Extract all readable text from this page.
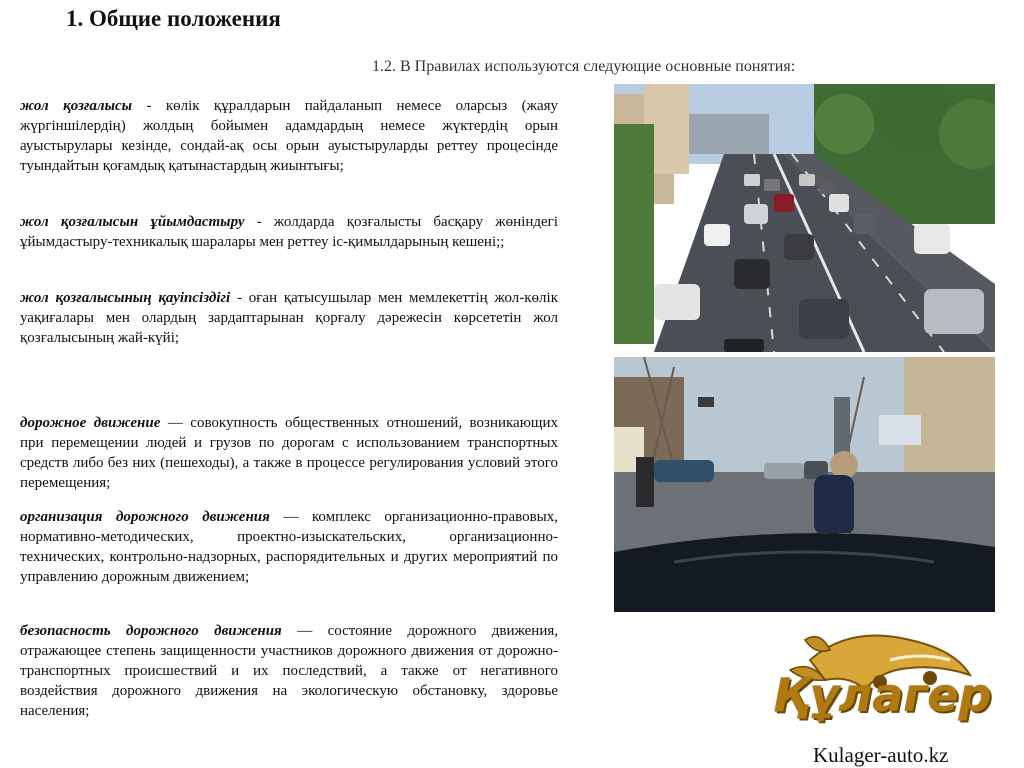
1. Общие положения
1.2. В Правилах используются следующие основные понятия:

жол қозғалысы - көлік құралдарын пайдаланып немесе оларсыз (жаяу жүргіншілердің) жолдың бойымен адамдардың немесе жүктердің орын ауыстырулары кезінде, сондай-ақ осы орын ауыстыруларды реттеу процесінде туындайтын қоғамдық қатынастардың жиынтығы;

жол қозғалысын ұйымдастыру - жолдарда қозғалысты басқару жөніндегі ұйымдастыру-техникалық шаралары мен реттеу іс-қимылдарының кешені;;

жол қозғалысының қауіпсіздігі - оған қатысушылар мен мемлекеттің жол-көлік уақиғалары мен олардың зардаптарынан қорғалу дәрежесін көрсететін жол қозғалысының жай-күйі;

дорожное движение — совокупность общественных отношений, возникающих при перемещении людей и грузов по дорогам с использованием транспортных средств либо без них (пешеходы), а также в процессе регулирования условий этого перемещения;

организация дорожного движения — комплекс организационно-правовых, нормативно-методических, проектно-изыскательских, организационно-технических, контрольно-надзорных, распорядительных и других мероприятий по управлению дорожным движением;

безопасность дорожного движения — состояние дорожного движения, отражающее степень защищенности участников дорожного движения от дорожно-транспортных происшествий и их последствий, а также от негативного воздействия дорожного движения на экологическую обстановку, здоровье населения;	Құлагер
Kulager-auto.kz
